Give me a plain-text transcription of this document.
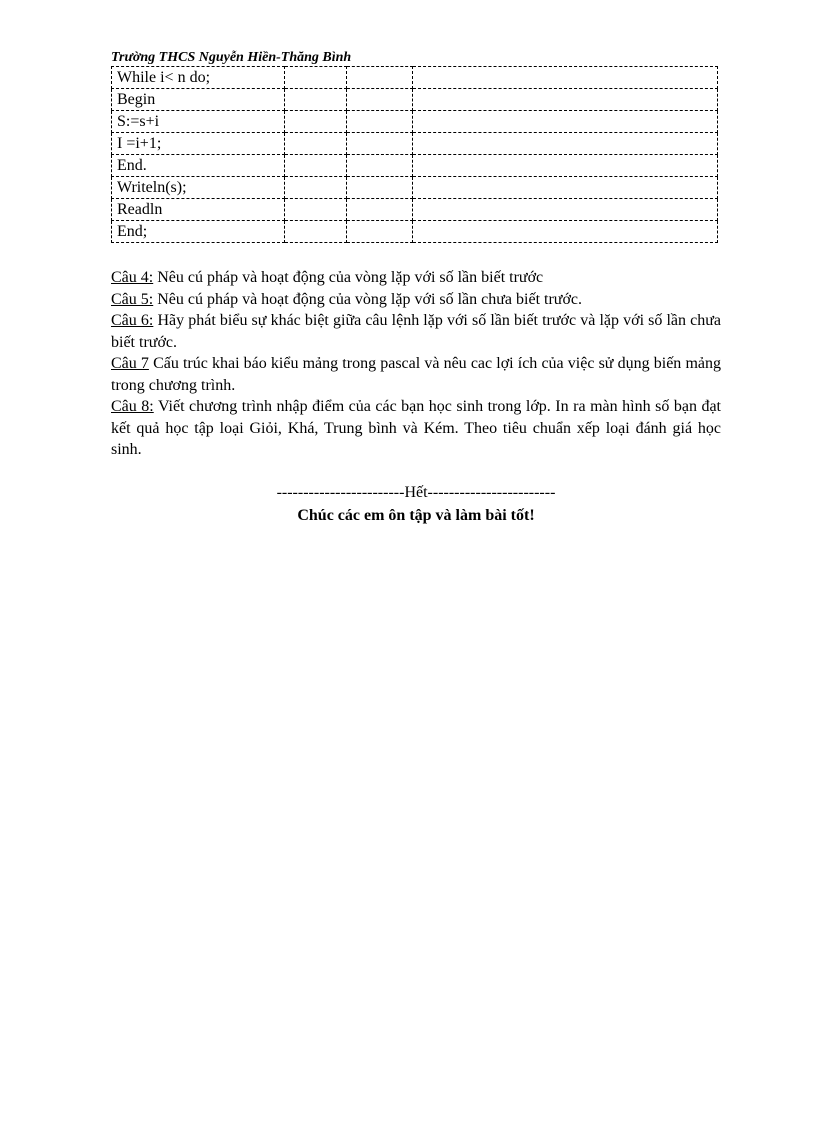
Trường THCS Nguyễn Hiền-Thăng Bình
While i< n do;			
Begin			
S:=s+i			
I =i+1;			
End.			
Writeln(s);			
Readln			
End;			

Câu 4: Nêu cú pháp và hoạt động của vòng lặp với số lần biết trước

Câu 5: Nêu cú pháp và hoạt động của vòng lặp với số lần chưa biết trước.

Câu 6: Hãy phát biểu sự khác biệt giữa câu lệnh lặp với số lần biết trước và lặp với số lần chưa biết trước.

Câu 7 Cấu trúc khai báo kiểu mảng trong pascal và nêu cac lợi ích của việc sử dụng biến mảng trong chương trình.

Câu 8: Viết chương trình nhập điểm của các bạn học sinh trong lớp. In ra màn hình số bạn đạt kết quả học tập loại Giỏi, Khá, Trung bình và Kém. Theo tiêu chuẩn xếp loại đánh giá học sinh.

------------------------Hết------------------------
Chúc các em ôn tập và làm bài tốt!
